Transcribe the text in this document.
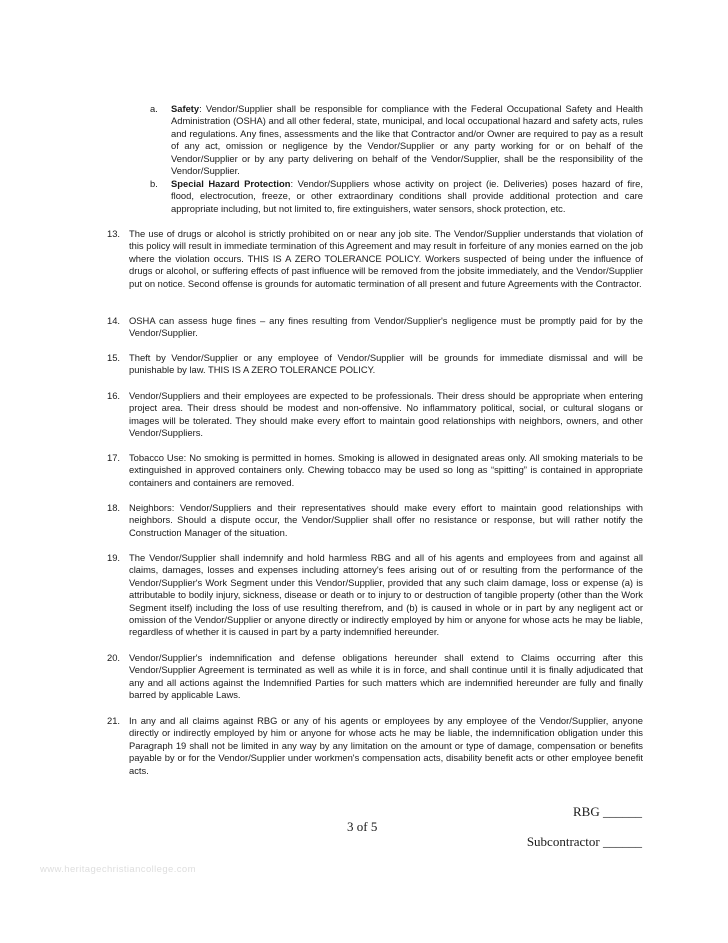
a. Safety: Vendor/Supplier shall be responsible for compliance with the Federal Occupational Safety and Health Administration (OSHA) and all other federal, state, municipal, and local occupational hazard and safety acts, rules and regulations. Any fines, assessments and the like that Contractor and/or Owner are required to pay as a result of any act, omission or negligence by the Vendor/Supplier or any party working for or on behalf of the Vendor/Supplier or by any party delivering on behalf of the Vendor/Supplier, shall be the responsibility of the Vendor/Supplier.
b. Special Hazard Protection: Vendor/Suppliers whose activity on project (ie. Deliveries) poses hazard of fire, flood, electrocution, freeze, or other extraordinary conditions shall provide additional protection and care appropriate including, but not limited to, fire extinguishers, water sensors, shock protection, etc.
13. The use of drugs or alcohol is strictly prohibited on or near any job site. The Vendor/Supplier understands that violation of this policy will result in immediate termination of this Agreement and may result in forfeiture of any monies earned on the job where the violation occurs. THIS IS A ZERO TOLERANCE POLICY. Workers suspected of being under the influence of drugs or alcohol, or suffering effects of past influence will be removed from the jobsite immediately, and the Vendor/Supplier put on notice. Second offense is grounds for automatic termination of all present and future Agreements with the Contractor.
14. OSHA can assess huge fines – any fines resulting from Vendor/Supplier's negligence must be promptly paid for by the Vendor/Supplier.
15. Theft by Vendor/Supplier or any employee of Vendor/Supplier will be grounds for immediate dismissal and will be punishable by law. THIS IS A ZERO TOLERANCE POLICY.
16. Vendor/Suppliers and their employees are expected to be professionals. Their dress should be appropriate when entering project area. Their dress should be modest and non-offensive. No inflammatory political, social, or cultural slogans or images will be tolerated. They should make every effort to maintain good relationships with neighbors, owners, and other Vendor/Suppliers.
17. Tobacco Use: No smoking is permitted in homes. Smoking is allowed in designated areas only. All smoking materials to be extinguished in approved containers only. Chewing tobacco may be used so long as “spitting” is contained in appropriate containers and containers are removed.
18. Neighbors: Vendor/Suppliers and their representatives should make every effort to maintain good relationships with neighbors. Should a dispute occur, the Vendor/Supplier shall offer no resistance or response, but will rather notify the Construction Manager of the situation.
19. The Vendor/Supplier shall indemnify and hold harmless RBG and all of his agents and employees from and against all claims, damages, losses and expenses including attorney's fees arising out of or resulting from the performance of the Vendor/Supplier's Work Segment under this Vendor/Supplier, provided that any such claim damage, loss or expense (a) is attributable to bodily injury, sickness, disease or death or to injury to or destruction of tangible property (other than the Work Segment itself) including the loss of use resulting therefrom, and (b) is caused in whole or in part by any negligent act or omission of the Vendor/Supplier or anyone directly or indirectly employed by him or anyone for whose acts he may be liable, regardless of whether it is caused in part by a party indemnified hereunder.
20. Vendor/Supplier's indemnification and defense obligations hereunder shall extend to Claims occurring after this Vendor/Supplier Agreement is terminated as well as while it is in force, and shall continue until it is finally adjudicated that any and all actions against the Indemnified Parties for such matters which are indemnified hereunder are fully and finally barred by applicable Laws.
21. In any and all claims against RBG or any of his agents or employees by any employee of the Vendor/Supplier, anyone directly or indirectly employed by him or anyone for whose acts he may be liable, the indemnification obligation under this Paragraph 19 shall not be limited in any way by any limitation on the amount or type of damage, compensation or benefits payable by or for the Vendor/Supplier under workmen's compensation acts, disability benefit acts or other employee benefit acts.
RBG ______
3 of 5
Subcontractor ______
www.heritagechristiancollege.com
